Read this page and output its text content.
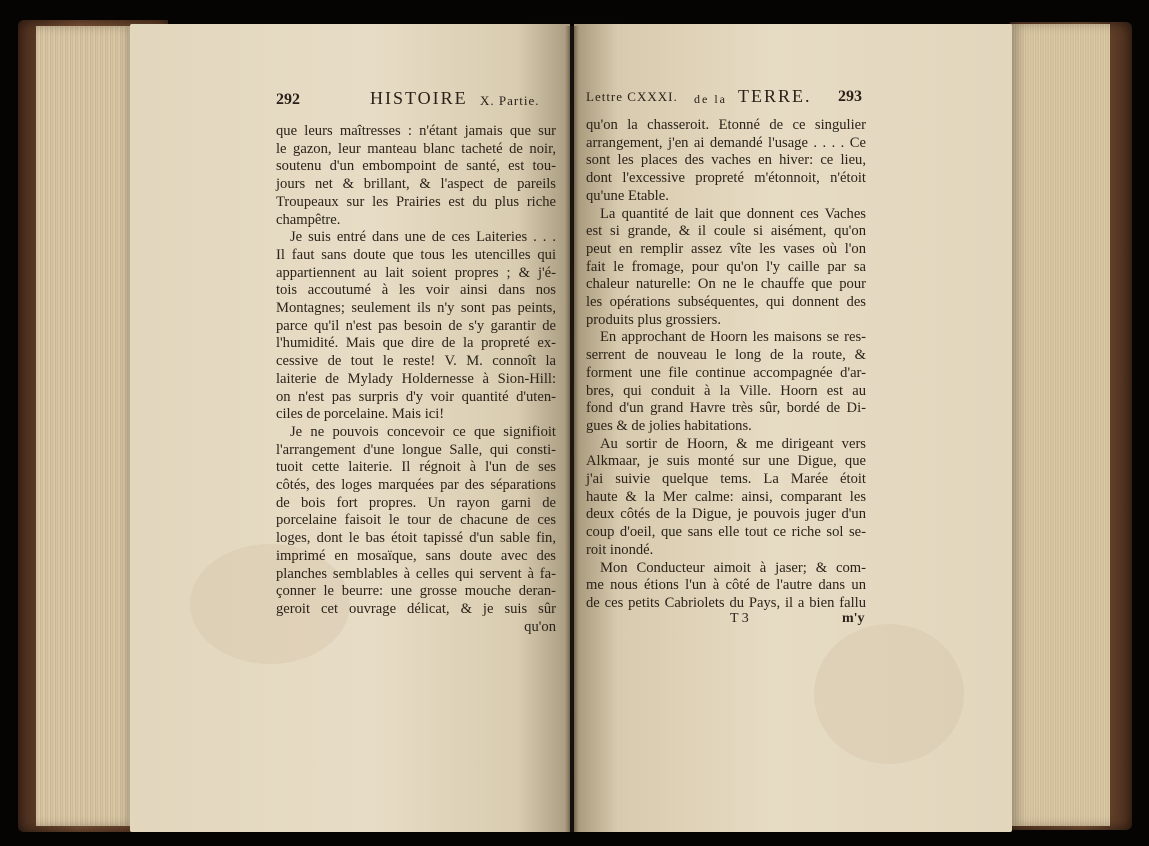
292	HISTOIRE X. Partie.	Lettre CXXXI. de la TERRE. 293
que leurs maîtresses : n'étant jamais que sur
le gazon, leur manteau blanc tacheté de noir,
soutenu d'un embompoint de santé, est tou-
jours net & brillant, & l'aspect de pareils
Troupeaux sur les Prairies est du plus riche
champêtre.
Je suis entré dans une de ces Laiteries . . .
Il faut sans doute que tous les utencilles qui
appartiennent au lait soient propres ; & j'é-
tois accoutumé à les voir ainsi dans nos
Montagnes; seulement ils n'y sont pas peints,
parce qu'il n'est pas besoin de s'y garantir de
l'humidité. Mais que dire de la propreté ex-
cessive de tout le reste! V. M. connoît la
laiterie de Mylady Holdernesse à Sion-Hill:
on n'est pas surpris d'y voir quantité d'uten-
ciles de porcelaine. Mais ici!
Je ne pouvois concevoir ce que signifioit
l'arrangement d'une longue Salle, qui consti-
tuoit cette laiterie. Il régnoit à l'un de ses
côtés, des loges marquées par des séparations
de bois fort propres. Un rayon garni de
porcelaine faisoit le tour de chacune de ces
loges, dont le bas étoit tapissé d'un sable fin,
imprimé en mosaïque, sans doute avec des
planches semblables à celles qui servent à fa-
çonner le beurre: une grosse mouche deran-
geroit cet ouvrage délicat, & je suis sûr
qu'on
qu'on la chasseroit. Etonné de ce singulier
arrangement, j'en ai demandé l'usage . . . . Ce
sont les places des vaches en hiver: ce lieu,
dont l'excessive propreté m'étonnoit, n'étoit
qu'une Etable.
La quantité de lait que donnent ces Vaches
est si grande, & il coule si aisément, qu'on
peut en remplir assez vîte les vases où l'on
fait le fromage, pour qu'on l'y caille par sa
chaleur naturelle: On ne le chauffe que pour
les opérations subséquentes, qui donnent des
produits plus grossiers.
En approchant de Hoorn les maisons se res-
serrent de nouveau le long de la route, &
forment une file continue accompagnée d'ar-
bres, qui conduit à la Ville. Hoorn est au
fond d'un grand Havre très sûr, bordé de Di-
gues & de jolies habitations.
Au sortir de Hoorn, & me dirigeant vers
Alkmaar, je suis monté sur une Digue, que
j'ai suivie quelque tems. La Marée étoit
haute & la Mer calme: ainsi, comparant les
deux côtés de la Digue, je pouvois juger d'un
coup d'oeil, que sans elle tout ce riche sol se-
roit inondé.
Mon Conducteur aimoit à jaser; & com-
me nous étions l'un à côté de l'autre dans un
de ces petits Cabriolets du Pays, il a bien fallu
T 3	m'y
